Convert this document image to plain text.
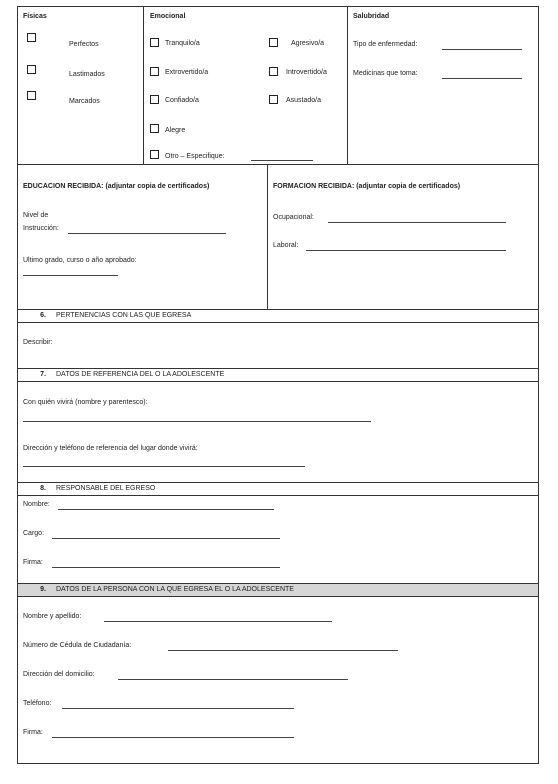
Físicas
Perfectos
Lastimados
Marcados
Emocional
Tranquilo/a
Extrovertido/a
Confiado/a
Alegre
Otro – Especifique:
Agresivo/a
Introvertido/a
Asustado/a
Salubridad
Tipo de enfermedad:
Medicinas que toma:
EDUCACION RECIBIDA: (adjuntar copia de certificados)
Nivel de
Instrucción:
Ultimo grado, curso o año aprobado:
FORMACION RECIBIDA: (adjuntar copia de certificados)
Ocupacional:
Laboral:
6. PERTENENCIAS CON LAS QUE EGRESA
Describir:
7. DATOS DE REFERENCIA DEL O LA ADOLESCENTE
Con quién vivirá (nombre y parentesco):
Dirección y teléfono de referencia del lugar donde vivirá:
8. RESPONSABLE DEL EGRESO
Nombre:
Cargo:
Firma:
9. DATOS DE LA PERSONA CON LA QUE EGRESA EL O LA ADOLESCENTE
Nombre y apellido:
Número de Cédula de Ciudadanía:
Dirección del domicilio:
Teléfono:
Firma:
